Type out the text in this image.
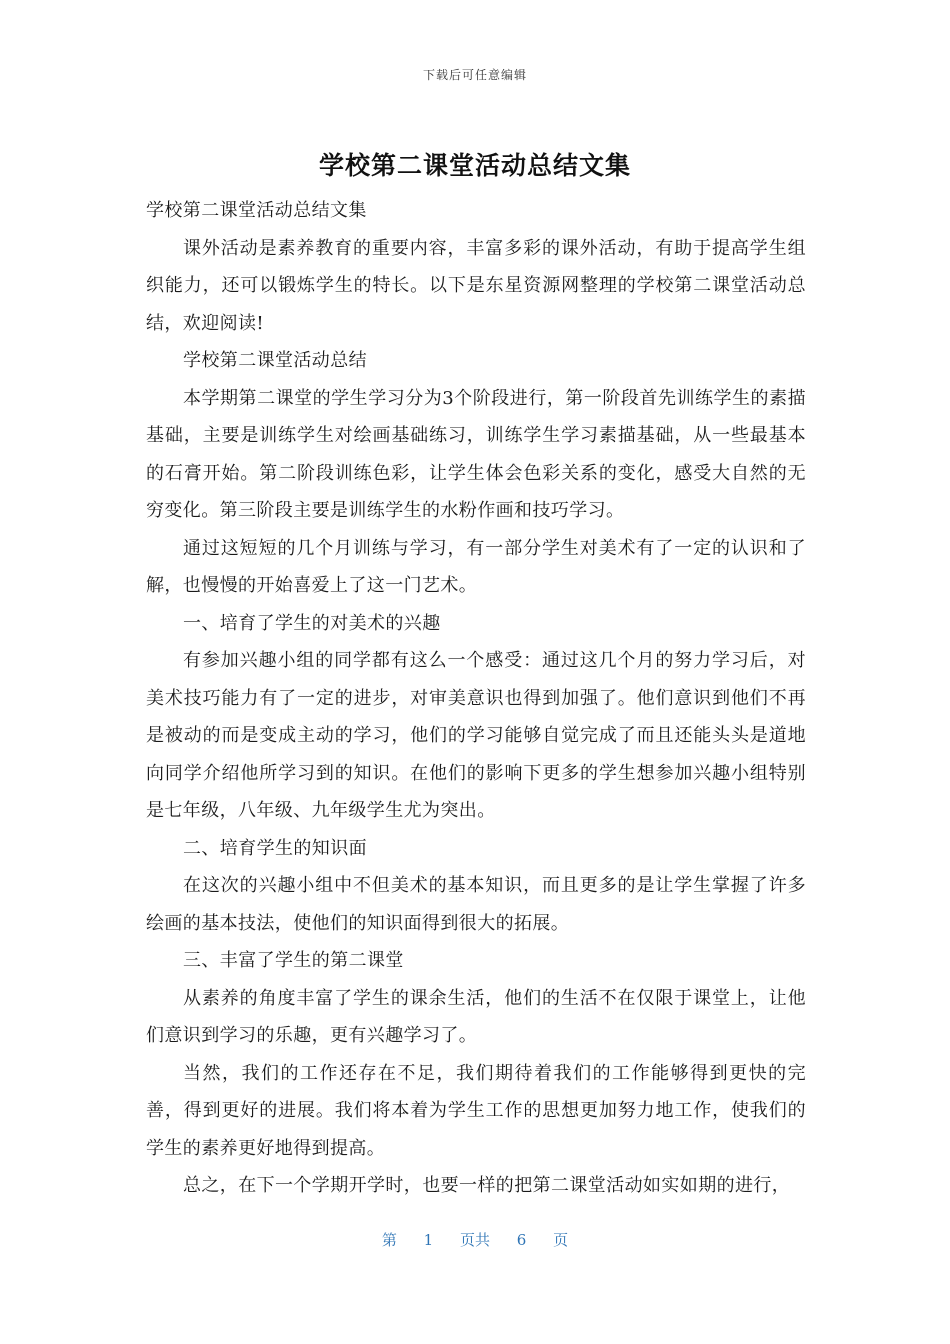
下载后可任意编辑
学校第二课堂活动总结文集

学校第二课堂活动总结文集

课外活动是素养教育的重要内容，丰富多彩的课外活动，有助于提高学生组织能力，还可以锻炼学生的特长。以下是东星资源网整理的学校第二课堂活动总结，欢迎阅读!

学校第二课堂活动总结

本学期第二课堂的学生学习分为3个阶段进行，第一阶段首先训练学生的素描基础，主要是训练学生对绘画基础练习，训练学生学习素描基础，从一些最基本的石膏开始。第二阶段训练色彩，让学生体会色彩关系的变化，感受大自然的无穷变化。第三阶段主要是训练学生的水粉作画和技巧学习。

通过这短短的几个月训练与学习，有一部分学生对美术有了一定的认识和了解，也慢慢的开始喜爱上了这一门艺术。

一、培育了学生的对美术的兴趣

有参加兴趣小组的同学都有这么一个感受：通过这几个月的努力学习后，对美术技巧能力有了一定的进步，对审美意识也得到加强了。他们意识到他们不再是被动的而是变成主动的学习，他们的学习能够自觉完成了而且还能头头是道地向同学介绍他所学习到的知识。在他们的影响下更多的学生想参加兴趣小组特别是七年级，八年级、九年级学生尤为突出。

二、培育学生的知识面

在这次的兴趣小组中不但美术的基本知识，而且更多的是让学生掌握了许多绘画的基本技法，使他们的知识面得到很大的拓展。

三、丰富了学生的第二课堂

从素养的角度丰富了学生的课余生活，他们的生活不在仅限于课堂上，让他们意识到学习的乐趣，更有兴趣学习了。

当然，我们的工作还存在不足，我们期待着我们的工作能够得到更快的完善，得到更好的进展。我们将本着为学生工作的思想更加努力地工作，使我们的学生的素养更好地得到提高。

总之，在下一个学期开学时，也要一样的把第二课堂活动如实如期的进行，

第 1 页共 6 页
